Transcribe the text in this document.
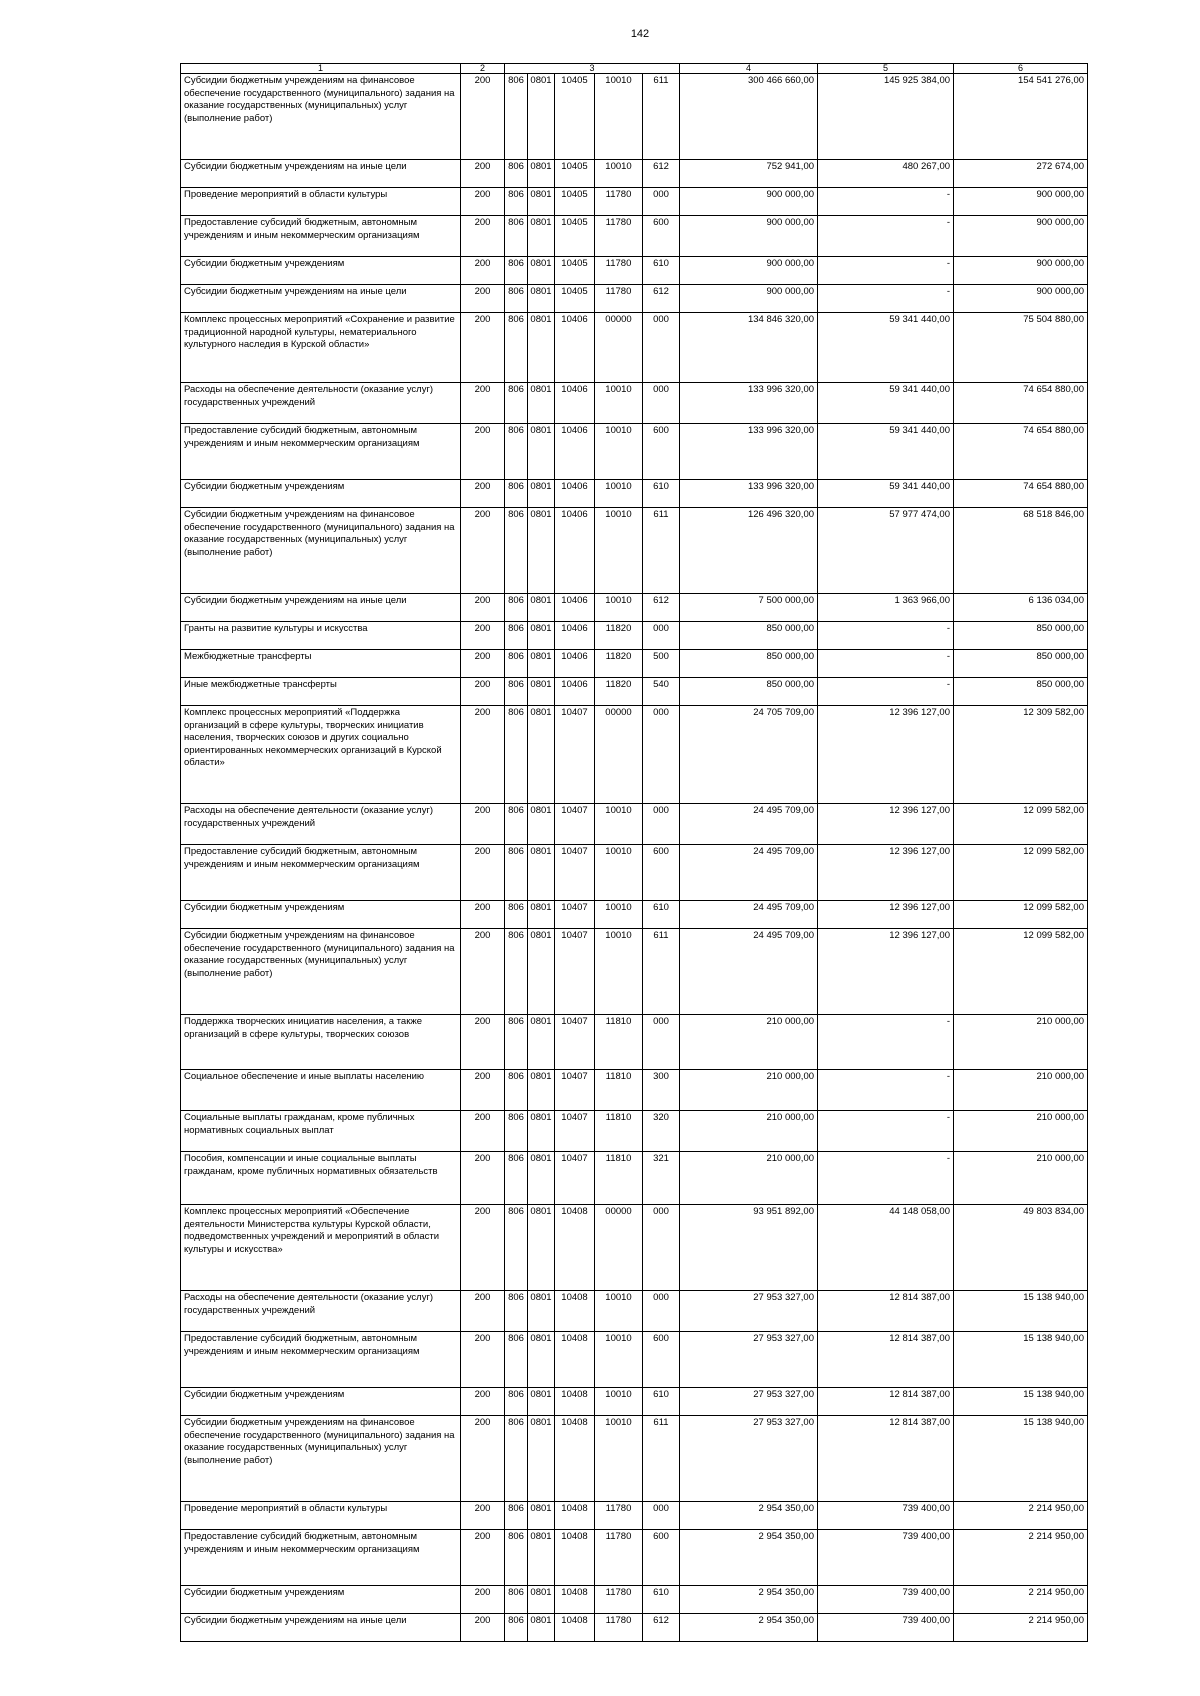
142
1	2	3					4	5	6
Субсидии бюджетным учреждениям на финансовое обеспечение государственного (муниципального) задания на оказание государственных (муниципальных) услуг (выполнение работ)	200	806	0801	10405	10010	611	300 466 660,00	145 925 384,00	154 541 276,00
Субсидии бюджетным учреждениям на иные цели	200	806	0801	10405	10010	612	752 941,00	480 267,00	272 674,00
Проведение мероприятий в области культуры	200	806	0801	10405	11780	000	900 000,00	-	900 000,00
Предоставление субсидий бюджетным, автономным учреждениям и иным некоммерческим организациям	200	806	0801	10405	11780	600	900 000,00	-	900 000,00
Субсидии бюджетным учреждениям	200	806	0801	10405	11780	610	900 000,00	-	900 000,00
Субсидии бюджетным учреждениям на иные цели	200	806	0801	10405	11780	612	900 000,00	-	900 000,00
Комплекс процессных мероприятий «Сохранение и развитие традиционной народной культуры, нематериального культурного наследия в Курской области»	200	806	0801	10406	00000	000	134 846 320,00	59 341 440,00	75 504 880,00
Расходы на обеспечение деятельности (оказание услуг) государственных учреждений	200	806	0801	10406	10010	000	133 996 320,00	59 341 440,00	74 654 880,00
Предоставление субсидий бюджетным, автономным учреждениям и иным некоммерческим организациям	200	806	0801	10406	10010	600	133 996 320,00	59 341 440,00	74 654 880,00
Субсидии бюджетным учреждениям	200	806	0801	10406	10010	610	133 996 320,00	59 341 440,00	74 654 880,00
Субсидии бюджетным учреждениям на финансовое обеспечение государственного (муниципального) задания на оказание государственных (муниципальных) услуг (выполнение работ)	200	806	0801	10406	10010	611	126 496 320,00	57 977 474,00	68 518 846,00
Субсидии бюджетным учреждениям на иные цели	200	806	0801	10406	10010	612	7 500 000,00	1 363 966,00	6 136 034,00
Гранты на развитие культуры и искусства	200	806	0801	10406	11820	000	850 000,00	-	850 000,00
Межбюджетные трансферты	200	806	0801	10406	11820	500	850 000,00	-	850 000,00
Иные межбюджетные трансферты	200	806	0801	10406	11820	540	850 000,00	-	850 000,00
Комплекс процессных мероприятий «Поддержка организаций в сфере культуры, творческих инициатив населения, творческих союзов и других социально ориентированных некоммерческих организаций в Курской области»	200	806	0801	10407	00000	000	24 705 709,00	12 396 127,00	12 309 582,00
Расходы на обеспечение деятельности (оказание услуг) государственных учреждений	200	806	0801	10407	10010	000	24 495 709,00	12 396 127,00	12 099 582,00
Предоставление субсидий бюджетным, автономным учреждениям и иным некоммерческим организациям	200	806	0801	10407	10010	600	24 495 709,00	12 396 127,00	12 099 582,00
Субсидии бюджетным учреждениям	200	806	0801	10407	10010	610	24 495 709,00	12 396 127,00	12 099 582,00
Субсидии бюджетным учреждениям на финансовое обеспечение государственного (муниципального) задания на оказание государственных (муниципальных) услуг (выполнение работ)	200	806	0801	10407	10010	611	24 495 709,00	12 396 127,00	12 099 582,00
Поддержка творческих инициатив населения, а также организаций в сфере культуры, творческих союзов	200	806	0801	10407	11810	000	210 000,00	-	210 000,00
Социальное обеспечение и иные выплаты населению	200	806	0801	10407	11810	300	210 000,00	-	210 000,00
Социальные выплаты гражданам, кроме публичных нормативных социальных выплат	200	806	0801	10407	11810	320	210 000,00	-	210 000,00
Пособия, компенсации и иные социальные выплаты гражданам, кроме публичных нормативных обязательств	200	806	0801	10407	11810	321	210 000,00	-	210 000,00
Комплекс процессных мероприятий «Обеспечение деятельности Министерства культуры Курской области, подведомственных учреждений и мероприятий в области культуры и искусства»	200	806	0801	10408	00000	000	93 951 892,00	44 148 058,00	49 803 834,00
Расходы на обеспечение деятельности (оказание услуг) государственных учреждений	200	806	0801	10408	10010	000	27 953 327,00	12 814 387,00	15 138 940,00
Предоставление субсидий бюджетным, автономным учреждениям и иным некоммерческим организациям	200	806	0801	10408	10010	600	27 953 327,00	12 814 387,00	15 138 940,00
Субсидии бюджетным учреждениям	200	806	0801	10408	10010	610	27 953 327,00	12 814 387,00	15 138 940,00
Субсидии бюджетным учреждениям на финансовое обеспечение государственного (муниципального) задания на оказание государственных (муниципальных) услуг (выполнение работ)	200	806	0801	10408	10010	611	27 953 327,00	12 814 387,00	15 138 940,00
Проведение мероприятий в области культуры	200	806	0801	10408	11780	000	2 954 350,00	739 400,00	2 214 950,00
Предоставление субсидий бюджетным, автономным учреждениям и иным некоммерческим организациям	200	806	0801	10408	11780	600	2 954 350,00	739 400,00	2 214 950,00
Субсидии бюджетным учреждениям	200	806	0801	10408	11780	610	2 954 350,00	739 400,00	2 214 950,00
Субсидии бюджетным учреждениям на иные цели	200	806	0801	10408	11780	612	2 954 350,00	739 400,00	2 214 950,00
